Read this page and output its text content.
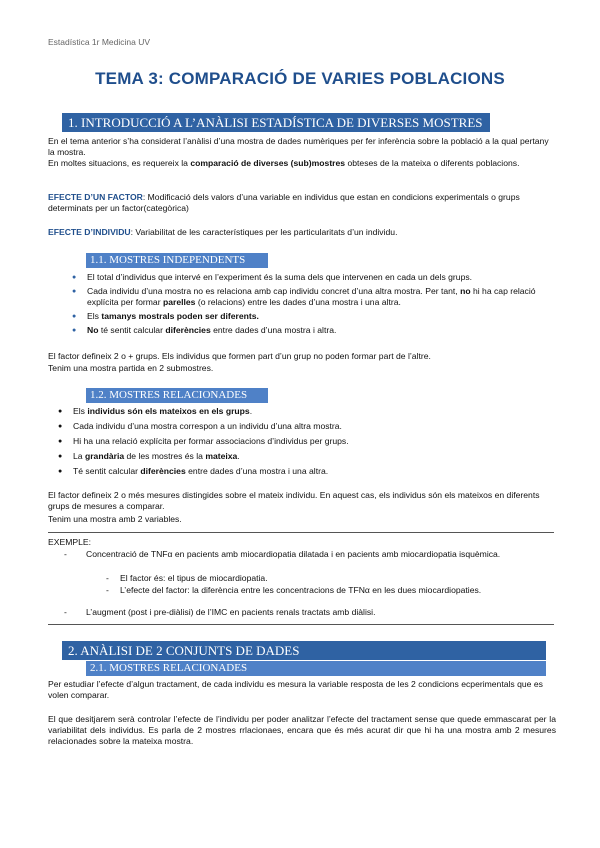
Estadística 1r Medicina UV
TEMA 3: COMPARACIÓ DE VARIES POBLACIONS
1. INTRODUCCIÓ A L’ANÀLISI ESTADÍSTICA DE DIVERSES MOSTRES
En el tema anterior s’ha considerat l’anàlisi d’una mostra de dades numèriques per fer inferència sobre la població a la qual pertany la mostra.
En moltes situacions, es requereix la comparació de diverses (sub)mostres obteses de la mateixa o diferents poblacions.
EFECTE D’UN FACTOR: Modificació dels valors d’una variable en individus que estan en condicions experimentals o grups determinats per un factor(categòrica)
EFECTE D’INDIVIDU: Variabilitat de les característiques per les particularitats d’un individu.
1.1. MOSTRES INDEPENDENTS
● El total d’individus que intervé en l’experiment és la suma dels que intervenen en cada un dels grups.
● Cada individu d’una mostra no es relaciona amb cap individu concret d’una altra mostra. Per tant, no hi ha cap relació explícita per formar parelles (o relacions) entre les dades d’una mostra i una altra.
● Els tamanys mostrals poden ser diferents.
● No té sentit calcular diferències entre dades d’una mostra i altra.
El factor defineix 2 o + grups. Els individus que formen part d’un grup no poden formar part de l’altre.
Tenim una mostra partida en 2 submostres.
1.2. MOSTRES RELACIONADES
● Els individus són els mateixos en els grups.
● Cada individu d’una mostra correspon a un individu d’una altra mostra.
● Hi ha una relació explícita per formar associacions d’individus per grups.
● La grandària de les mostres és la mateixa.
● Té sentit calcular diferències entre dades d’una mostra i una altra.
El factor defineix 2 o més mesures distingides sobre el mateix individu. En aquest cas, els individus són els mateixos en diferents grups de mesures a comparar.
Tenim una mostra amb 2 variables.
EXEMPLE:
- Concentració de TNFα en pacients amb miocardiopatia dilatada i en pacients amb miocardiopatia isquèmica.
- El factor és: el tipus de miocardiopatia.
- L’efecte del factor: la diferència entre les concentracions de TFNα en les dues miocardiopaties.
- L’augment (post i pre-diàlisi) de l’IMC en pacients renals tractats amb diàlisi.
2. ANÀLISI DE 2 CONJUNTS DE DADES
2.1. MOSTRES RELACIONADES
Per estudiar l’efecte d’algun tractament, de cada individu es mesura la variable resposta de les 2 condicions ecperimentals que es volen comparar.
El que desitjarem serà controlar l’efecte de l’individu per poder analitzar l’efecte del tractament sense que quede emmascarat per la variabilitat dels individus. Es parla de 2 mostres rrlacionaes, encara que és més acurat dir que hi ha una mostra amb 2 mesures relacionades sobre la mateixa mostra.
